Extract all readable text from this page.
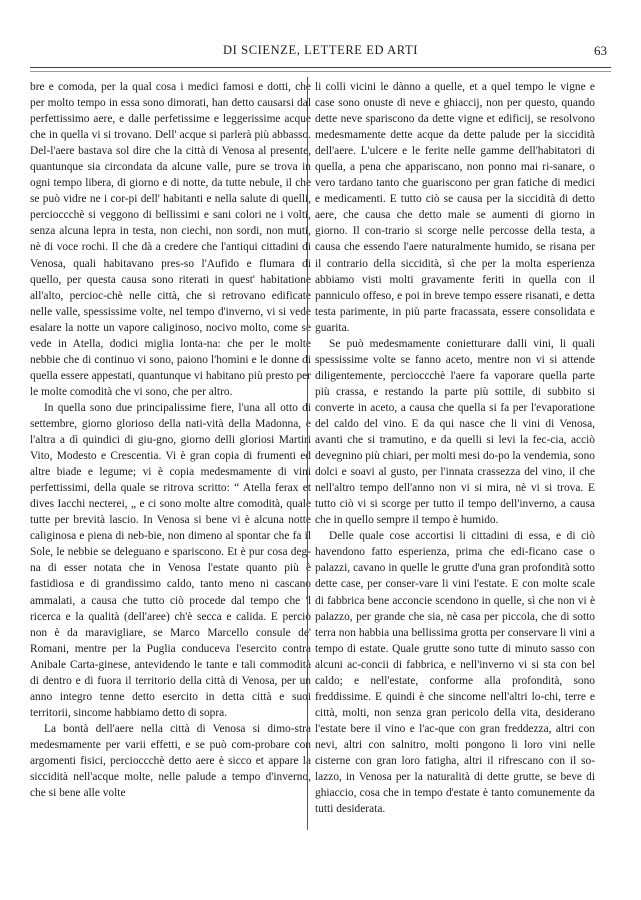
DI SCIENZE, LETTERE ED ARTI	63

bre e comoda, per la qual cosa i medici famosi e dotti, che per molto tempo in essa sono dimorati, han detto causarsi dal perfettissimo aere, e dalle perfetissime e leggerissime acque che in quella vi si trovano. Dell' acque si parlerà più abbasso. Del-l'aere bastava sol dire che la città di Venosa al presente, quantunque sia circondata da alcune valle, pure se trova in ogni tempo libera, di giorno e di notte, da tutte nebule, il che se può vidre ne i cor-pi dell' habitanti e nella salute di quelli, percioccchè si veggono di bellissimi e sani colori ne i volti, senza alcuna lepra in testa, non ciechi, non sordi, non muti, nè di voce rochi. Il che dà a credere che l'antiqui cittadini di Venosa, quali habitavano pres-so l'Aufido e flumara di quello, per questa causa sono riterati in quest' habitatione all'alto, percioc-chè nelle città, che si retrovano edificate nelle valle, spessissime volte, nel tempo d'inverno, vi si vede esalare la notte un vapore caliginoso, nocivo molto, come se vede in Atella, dodici miglia lonta-na: che per le molte nebbie che di continuo vi sono, paiono l'homini e le donne di quella essere appestati, quantunque vi habitano più presto per le molte comodità che vi sono, che per altro.

In quella sono due principalissime fiere, l'una all otto di settembre, giorno glorioso della nati-vità della Madonna, e l'altra a dì quindici di giu-gno, giorno delli gloriosi Martiri Vito, Modesto e Crescentia. Vi è gran copia di frumenti ed altre biade e legume; vi è copia medesmamente di vini perfettissimi, della quale se ritrova scritto: “ Atella ferax et dives Iacchi necterei, „ e ci sono molte altre comodità, quale tutte per brevità lascio. In Venosa si bene vi è alcuna notte caliginosa e piena di neb-bie, non dimeno al spontar che fa il Sole, le nebbie se deleguano e spariscono. Et è pur cosa deg-na di esser notata che in Venosa l'estate quanto più è fastidiosa e di grandissimo caldo, tanto meno ni cascano ammalati, a causa che tutto ciò procede dal tempo che 'l ricerca e la qualità (dell'aree) ch'è secca e calida. E perciò non è da maravigliare, se Marco Marcello consule de' Romani, mentre per la Puglia conduceva l'esercito contra Anibale Carta-ginese, antevidendo le tante e tali commodità di dentro e di fuora il territorio della città di Venosa, per un anno integro tenne detto esercito in detta città e suoi territorii, sincome habbiamo detto di sopra.

La bontà dell'aere nella città di Venosa si dimo-stra medesmamente per varii effetti, e se può com-probare con argomenti fisici, percioccchè detto aere è sicco et appare la siccidità nell'acque molte, nelle palude a tempo d'inverno, che si bene alle volte

li colli vicini le dànno a quelle, et a quel tempo le vigne e case sono onuste di neve e ghiaccij, non per questo, quando dette neve spariscono da dette vigne et edificij, se resolvono medesmamente dette acque da dette palude per la siccidità dell'aere. L'ulcere e le ferite nelle gamme dell'habitatori di quella, a pena che appariscano, non ponno mai ri-sanare, o vero tardano tanto che guariscono per gran fatiche di medici e medicamenti. E tutto ciò se causa per la siccidità di detto aere, che causa che detto male se aumenti di giorno in giorno. Il con-trario si scorge nelle percosse della testa, a causa che essendo l'aere naturalmente humido, se risana per il contrario della siccidità, sì che per la molta esperienza abbiamo visti molti gravamente feriti in quella con il panniculo offeso, e poi in breve tempo essere risanati, e detta testa parimente, in più parte fracassata, essere consolidata e guarita.

Se può medesmamente conietturare dalli vini, li quali spessissime volte se fanno aceto, mentre non vi si attende diligentemente, percioccchè l'aere fa vaporare quella parte più crassa, e restando la parte più sottile, di subbito si converte in aceto, a causa che quella si fa per l'evaporatione del caldo del vino. E da qui nasce che li vini di Venosa, avanti che si tramutino, e da quelli si levi la fec-cia, acciò devegnino più chiari, per molti mesi do-po la vendemia, sono dolci e soavi al gusto, per l'innata crassezza del vino, il che nell'altro tempo dell'anno non vi si mira, nè vi si trova. E tutto ciò vi si scorge per tutto il tempo dell'inverno, a causa che in quello sempre il tempo è humido.

Delle quale cose accortisi li cittadini di essa, e di ciò havendono fatto esperienza, prima che edi-ficano case o palazzi, cavano in quelle le grutte d'una gran profondità sotto dette case, per conser-vare li vini l'estate. E con molte scale di fabbrica bene acconcie scendono in quelle, sì che non vi è palazzo, per grande che sia, nè casa per piccola, che di sotto terra non habbia una bellissima grotta per conservare li vini a tempo di estate. Quale grutte sono tutte di minuto sasso con alcuni ac-concii di fabbrica, e nell'inverno vi si sta con bel caldo; e nell'estate, conforme alla profondità, sono freddissime. E quindi è che sincome nell'altri lo-chi, terre e città, molti, non senza gran pericolo della vita, desiderano l'estate bere il vino e l'ac-que con gran freddezza, altri con nevi, altri con salnitro, molti pongono li loro vini nelle cisterne con gran loro fatigha, altri il rifrescano con il so-lazzo, in Venosa per la naturalità di dette grutte, se beve di ghiaccio, cosa che in tempo d'estate è tanto comunemente da tutti desiderata.
